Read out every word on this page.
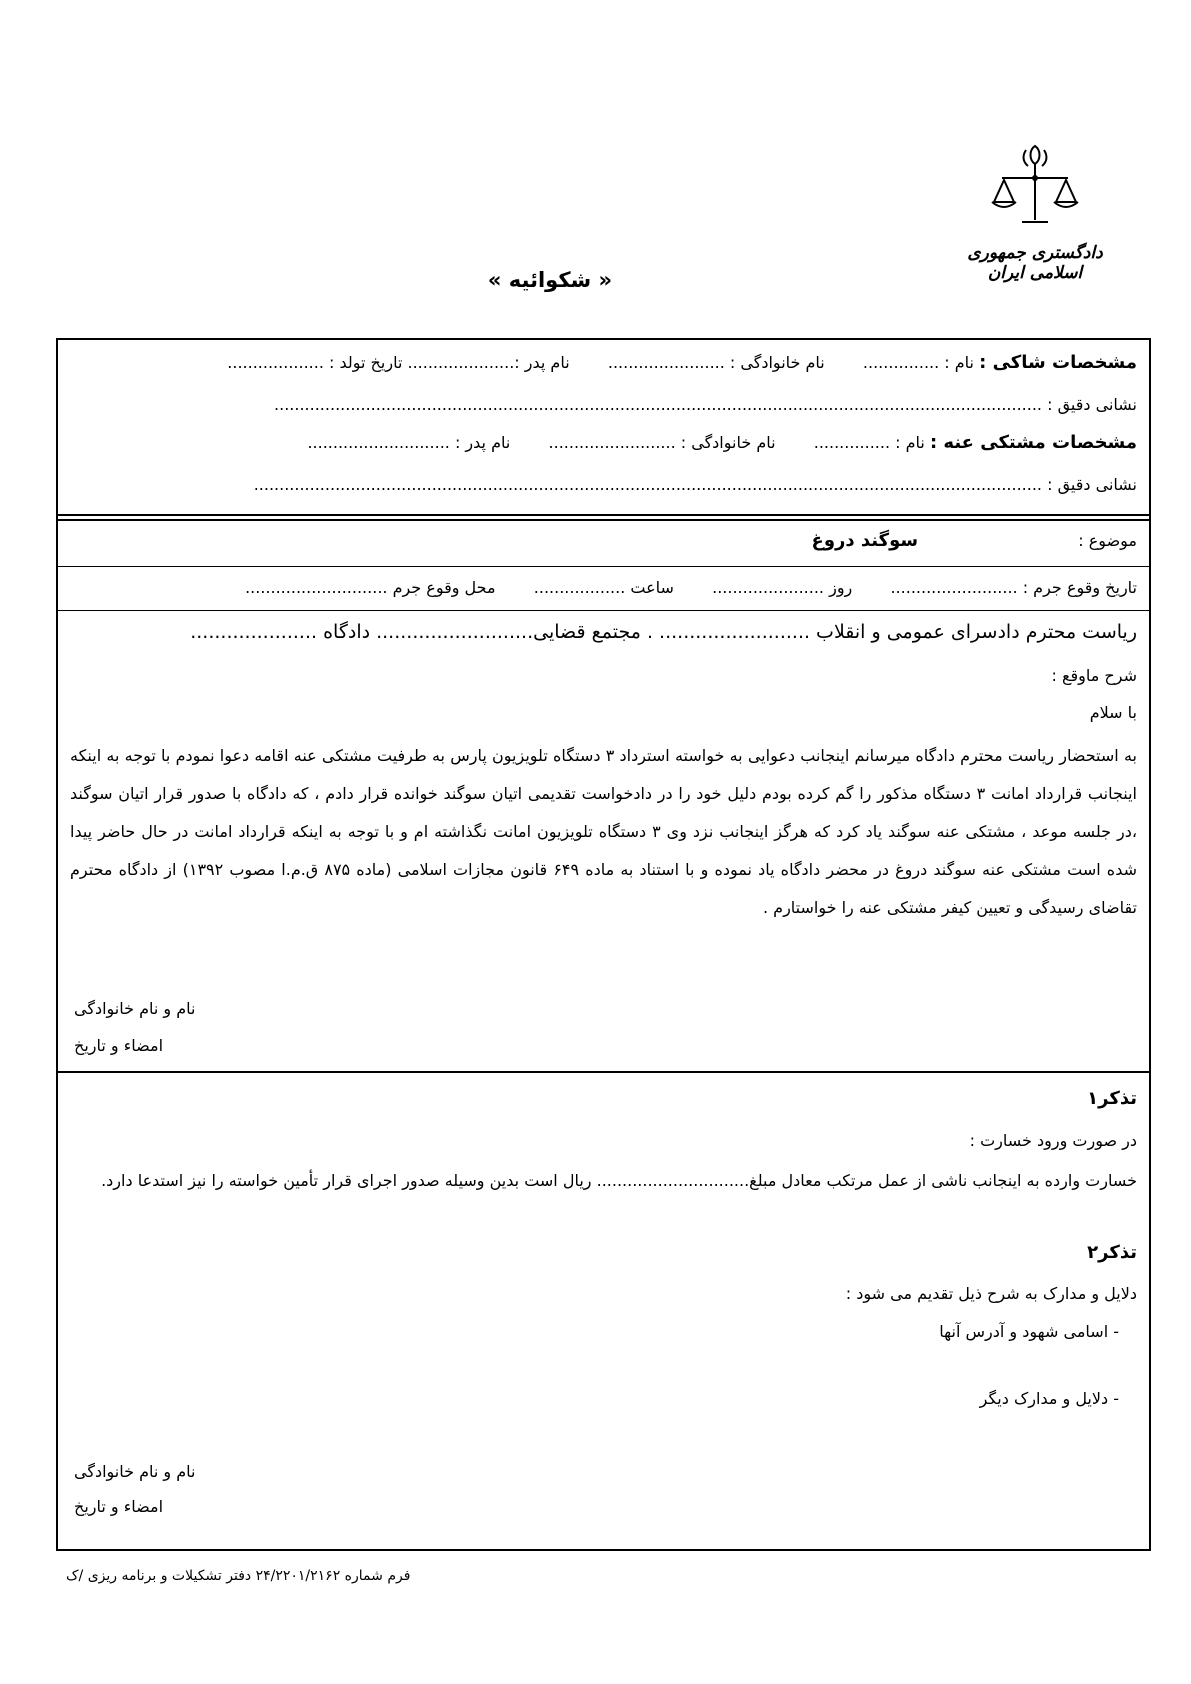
دادگستری جمهوری اسلامی ایران
« شکوائیه »
مشخصات شاکی : نام : ...............  نام خانوادگی : .......................  نام پدر :..................... تاریخ تولد : ...................
نشانی دقیق : .......................................................................................................................................................
مشخصات مشتکی عنه : نام : ...............  نام خانوادگی : .........................  نام پدر : ............................
نشانی دقیق : ...........................................................................................................................................................
موضوع :  سوگند دروغ
تاریخ وقوع جرم : .........................  روز ......................  ساعت ..................  محل وقوع جرم ............................
ریاست محترم دادسرای عمومی و انقلاب ......................... . مجتمع قضایی.......................... دادگاه .....................
شرح ماوقع :
با سلام
به استحضار ریاست محترم دادگاه میرسانم اینجانب دعوایی به خواسته استرداد ۳ دستگاه تلویزیون پارس به طرفیت مشتکی عنه اقامه دعوا نمودم با توجه به اینکه اینجانب قرارداد امانت ۳ دستگاه مذکور را گم کرده بودم دلیل خود را در دادخواست تقدیمی اتیان سوگند خوانده قرار دادم ، که دادگاه با صدور قرار اتیان سوگند ،در جلسه موعد ، مشتکی عنه سوگند یاد کرد که هرگز اینجانب نزد وی ۳ دستگاه تلویزیون امانت نگذاشته ام و با توجه به اینکه قرارداد امانت در حال حاضر پیدا شده است مشتکی عنه سوگند دروغ در محضر دادگاه یاد نموده و با استناد به ماده ۶۴۹ قانون مجازات اسلامی (ماده ۸۷۵ ق.م.ا مصوب ۱۳۹۲) از دادگاه محترم تقاضای رسیدگی و تعیین کیفر مشتکی عنه را خواستارم .
نام و نام خانوادگی
امضاء و تاریخ
تذکر۱
در صورت ورود خسارت :
خسارت وارده به اینجانب ناشی از عمل مرتکب معادل مبلغ.............................. ریال است بدین وسیله صدور اجرای قرار تأمین خواسته را نیز استدعا دارد.
تذکر۲
دلایل و مدارک به شرح ذیل تقدیم می شود :
- اسامی شهود و آدرس آنها
- دلایل و مدارک دیگر
نام و نام خانوادگی
امضاء و تاریخ
فرم شماره ۲۴/۲۲۰۱/۲۱۶۲ دفتر تشکیلات و برنامه ریزی /ک
